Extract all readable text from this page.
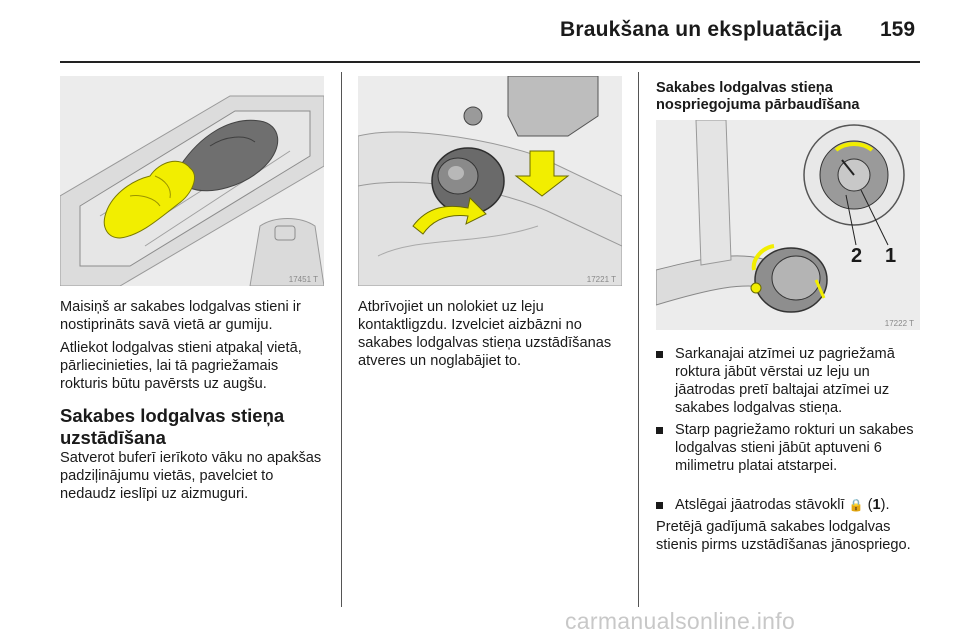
Braukšana un ekspluatācija 159
17451 T	17221 T

Maisiņš ar sakabes lodgalvas stieni ir nostiprināts savā vietā ar gumiju.

Atliekot lodgalvas stieni atpakaļ vietā, pārliecinieties, lai tā pagriežamais rokturis būtu pavērsts uz augšu.

Sakabes lodgalvas stieņa uzstādīšana

Satverot buferī ierīkoto vāku no apakšas padziļinājumu vietās, pavelciet to nedaudz ieslīpi uz aizmuguri.

Atbrīvojiet un nolokiet uz leju kontaktligzdu. Izvelciet aizbāzni no sakabes lodgalvas stieņa uzstādīšanas atveres un noglabājiet to.

Sakabes lodgalvas stieņa nospriegojuma pārbaudīšana
17222 T
2 1
Sarkanajai atzīmei uz pagriežamā roktura jābūt vērstai uz leju un jāatrodas pretī baltajai atzīmei uz sakabes lodgalvas stieņa.
Starp pagriežamo rokturi un sakabes lodgalvas stieni jābūt aptuveni 6 milimetru platai atstarpei.
Atslēgai jāatrodas stāvoklī 🔒 (1).

Pretējā gadījumā sakabes lodgalvas stienis pirms uzstādīšanas jānospriego.

carmanualsonline.info
